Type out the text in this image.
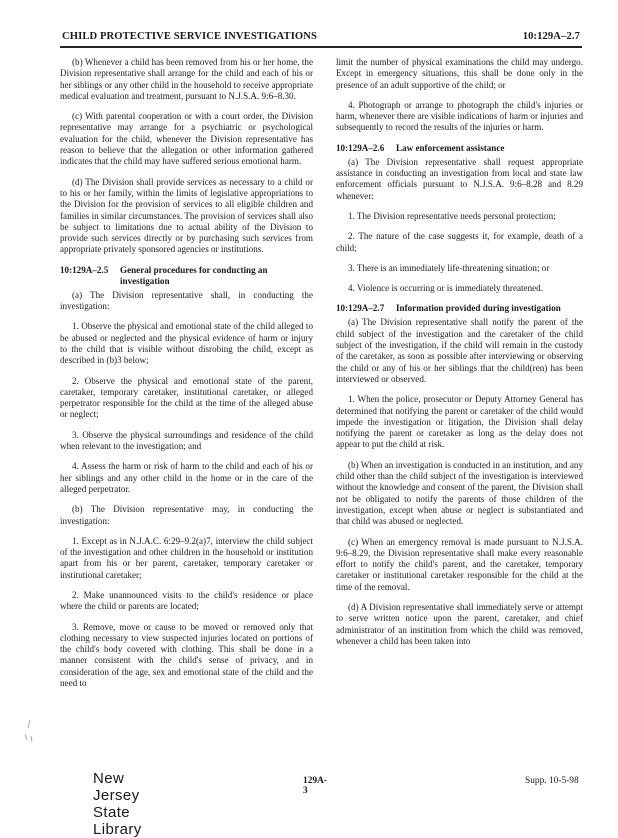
CHILD PROTECTIVE SERVICE INVESTIGATIONS	10:129A–2.7

(b) Whenever a child has been removed from his or her home, the Division representative shall arrange for the child and each of his or her siblings or any other child in the household to receive appropriate medical evaluation and treatment, pursuant to N.J.S.A. 9:6–8.30.

(c) With parental cooperation or with a court order, the Division representative may arrange for a psychiatric or psychological evaluation for the child, whenever the Division representative has reason to believe that the allegation or other information gathered indicates that the child may have suffered serious emotional harm.

(d) The Division shall provide services as necessary to a child or to his or her family, within the limits of legislative appropriations to the Division for the provision of services to all eligible children and families in similar circumstances. The provision of services shall also be subject to limitations due to actual ability of the Division to provide such services directly or by purchasing such services from appropriate privately sponsored agencies or institutions.

10:129A–2.5 General procedures for conducting an investigation

(a) The Division representative shall, in conducting the investigation:

1. Observe the physical and emotional state of the child alleged to be abused or neglected and the physical evidence of harm or injury to the child that is visible without disrobing the child, except as described in (b)3 below;

2. Observe the physical and emotional state of the parent, caretaker, temporary caretaker, institutional caretaker, or alleged perpetrator responsible for the child at the time of the alleged abuse or neglect;

3. Observe the physical surroundings and residence of the child when relevant to the investigation; and

4. Assess the harm or risk of harm to the child and each of his or her siblings and any other child in the home or in the care of the alleged perpetrator.

(b) The Division representative may, in conducting the investigation:

1. Except as in N.J.A.C. 6:29–9.2(a)7, interview the child subject of the investigation and other children in the household or institution apart from his or her parent, caretaker, temporary caretaker or institutional caretaker;

2. Make unannounced visits to the child's residence or place where the child or parents are located;

3. Remove, move or cause to be moved or removed only that clothing necessary to view suspected injuries located on portions of the child's body covered with clothing. This shall be done in a manner consistent with the child's sense of privacy, and in consideration of the age, sex and emotional state of the child and the need to

limit the number of physical examinations the child may undergo. Except in emergency situations, this shall be done only in the presence of an adult supportive of the child; or

4. Photograph or arrange to photograph the child's injuries or harm, whenever there are visible indications of harm or injuries and subsequently to record the results of the injuries or harm.

10:129A–2.6 Law enforcement assistance

(a) The Division representative shall request appropriate assistance in conducting an investigation from local and state law enforcement officials pursuant to N.J.S.A. 9:6–8.28 and 8.29 whenever:

1. The Division representative needs personal protection;

2. The nature of the case suggests it, for example, death of a child;

3. There is an immediately life-threatening situation; or

4. Violence is occurring or is immediately threatened.

10:129A–2.7 Information provided during investigation

(a) The Division representative shall notify the parent of the child subject of the investigation and the caretaker of the child subject of the investigation, if the child will remain in the custody of the caretaker, as soon as possible after interviewing or observing the child or any of his or her siblings that the child(ren) has been interviewed or observed.

1. When the police, prosecutor or Deputy Attorney General has determined that notifying the parent or caretaker of the child would impede the investigation or litigation, the Division shall delay notifying the parent or caretaker as long as the delay does not appear to put the child at risk.

(b) When an investigation is conducted in an institution, and any child other than the child subject of the investigation is interviewed without the knowledge and consent of the parent, the Division shall not be obligated to notify the parents of those children of the investigation, except when abuse or neglect is substantiated and that child was abused or neglected.

(c) When an emergency removal is made pursuant to N.J.S.A. 9:6–8.29, the Division representative shall make every reasonable effort to notify the child's parent, and the caretaker, temporary caretaker or institutional caretaker responsible for the child at the time of the removal.

(d) A Division representative shall immediately serve or attempt to serve written notice upon the parent, caretaker, and chief administrator of an institution from which the child was removed, whenever a child has been taken into

New Jersey State Library
129A-3
Supp. 10-5-98
